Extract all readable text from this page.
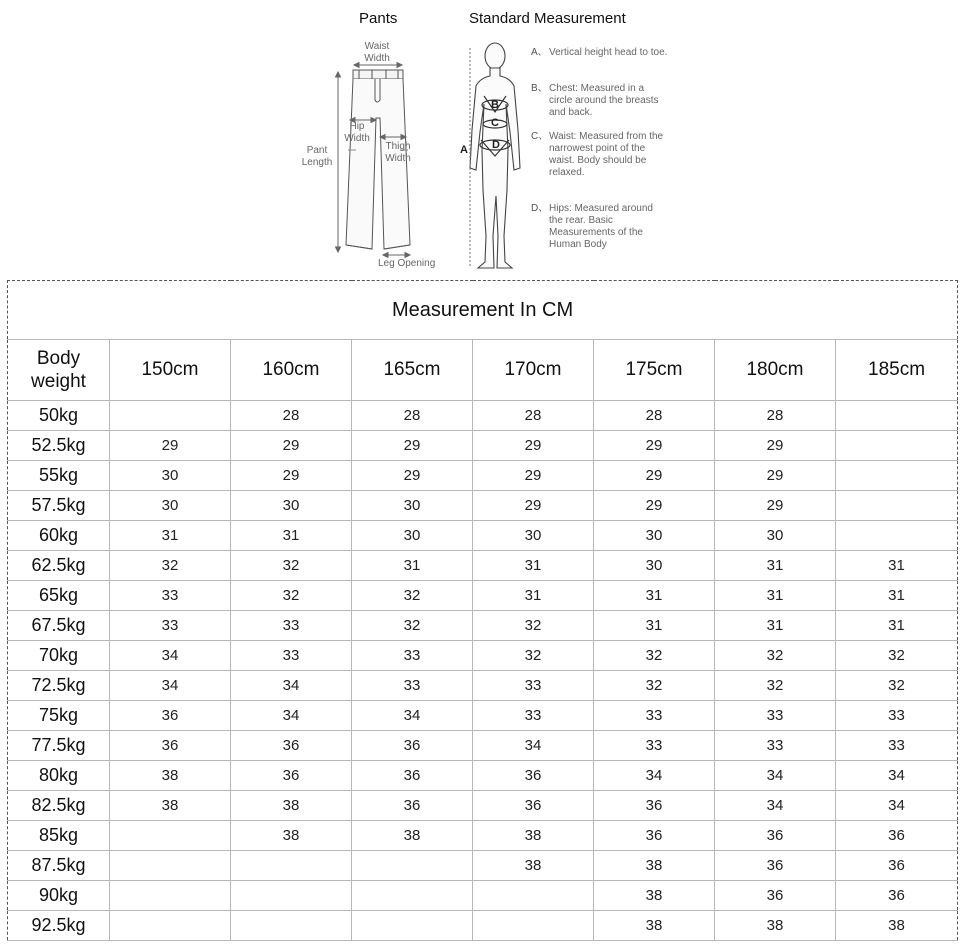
Pants	Standard Measurement
Waist
Width
Hip
Width
Thigh
Width
Pant
Length
Leg Opening
B
C
D
A
A、 Vertical height head to toe.
B、 Chest: Measured in a circle around the breasts and back.
C、 Waist: Measured from the narrowest point of the waist. Body should be relaxed.
D、 Hips: Measured around the rear. Basic Measurements of the Human Body
Measurement In CM							
Body
weight	150cm	160cm	165cm	170cm	175cm	180cm	185cm
50kg		28	28	28	28	28	
52.5kg	29	29	29	29	29	29	
55kg	30	29	29	29	29	29	
57.5kg	30	30	30	29	29	29	
60kg	31	31	30	30	30	30	
62.5kg	32	32	31	31	30	31	31
65kg	33	32	32	31	31	31	31
67.5kg	33	33	32	32	31	31	31
70kg	34	33	33	32	32	32	32
72.5kg	34	34	33	33	32	32	32
75kg	36	34	34	33	33	33	33
77.5kg	36	36	36	34	33	33	33
80kg	38	36	36	36	34	34	34
82.5kg	38	38	36	36	36	34	34
85kg		38	38	38	36	36	36
87.5kg				38	38	36	36
90kg					38	36	36
92.5kg					38	38	38
